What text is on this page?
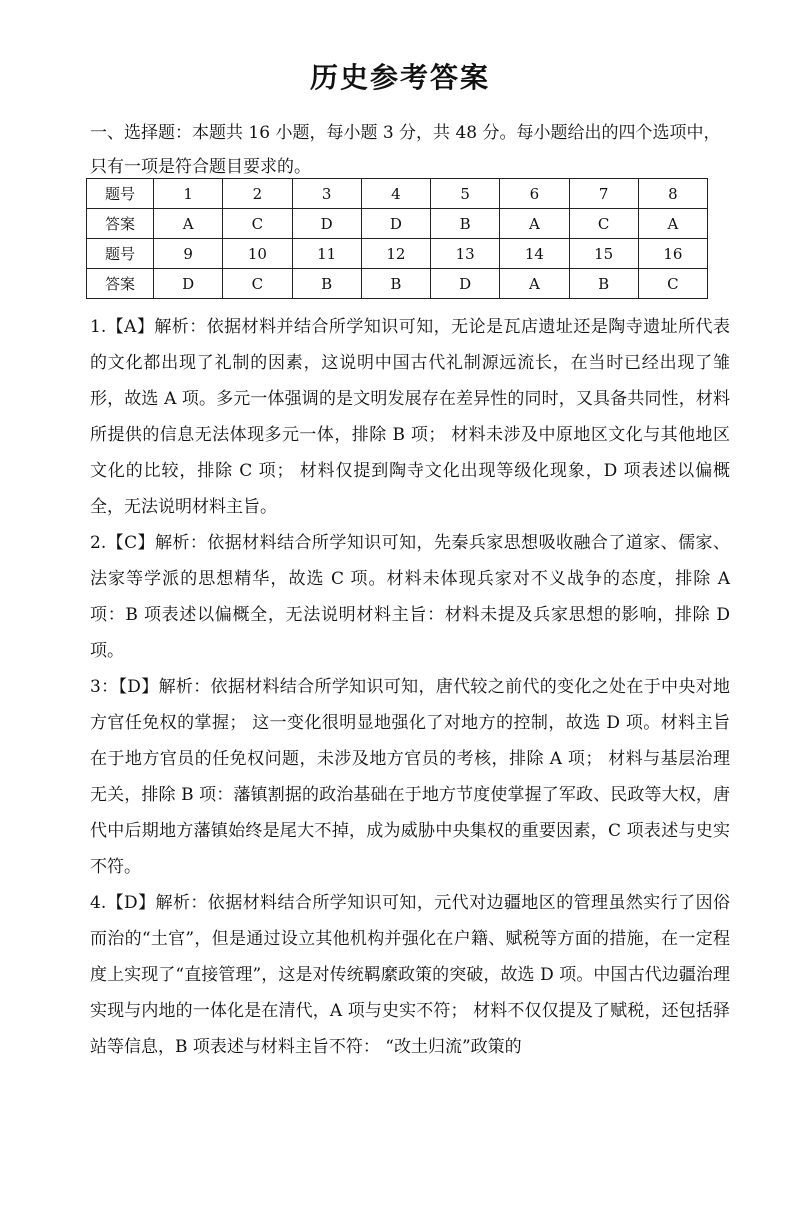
历史参考答案
一、选择题：本题共 16 小题，每小题 3 分，共 48 分。每小题给出的四个选项中，只有一项是符合题目要求的。
题号	1	2	3	4	5	6	7	8
答案	A	C	D	D	B	A	C	A
题号	9	10	11	12	13	14	15	16
答案	D	C	B	B	D	A	B	C

1.【A】解析：依据材料并结合所学知识可知，无论是瓦店遗址还是陶寺遗址所代表的文化都出现了礼制的因素，这说明中国古代礼制源远流长，在当时已经出现了雏形，故选 A 项。多元一体强调的是文明发展存在差异性的同时，又具备共同性，材料所提供的信息无法体现多元一体，排除 B 项； 材料未涉及中原地区文化与其他地区文化的比较，排除 C 项； 材料仅提到陶寺文化出现等级化现象，D 项表述以偏概全，无法说明材料主旨。

2.【C】解析：依据材料结合所学知识可知，先秦兵家思想吸收融合了道家、儒家、法家等学派的思想精华，故选 C 项。材料未体现兵家对不义战争的态度，排除 A 项：B 项表述以偏概全，无法说明材料主旨：材料未提及兵家思想的影响，排除 D 项。

3：【D】解析：依据材料结合所学知识可知，唐代较之前代的变化之处在于中央对地方官任免权的掌握； 这一变化很明显地强化了对地方的控制，故选 D 项。材料主旨在于地方官员的任免权问题，未涉及地方官员的考核，排除 A 项； 材料与基层治理无关，排除 B 项：藩镇割据的政治基础在于地方节度使掌握了军政、民政等大权，唐代中后期地方藩镇始终是尾大不掉，成为威胁中央集权的重要因素，C 项表述与史实不符。

4.【D】解析：依据材料结合所学知识可知，元代对边疆地区的管理虽然实行了因俗而治的“土官”，但是通过设立其他机构并强化在户籍、赋税等方面的措施，在一定程度上实现了“直接管理”，这是对传统羁縻政策的突破，故选 D 项。中国古代边疆治理实现与内地的一体化是在清代，A 项与史实不符； 材料不仅仅提及了赋税，还包括驿站等信息，B 项表述与材料主旨不符： “改土归流”政策的
